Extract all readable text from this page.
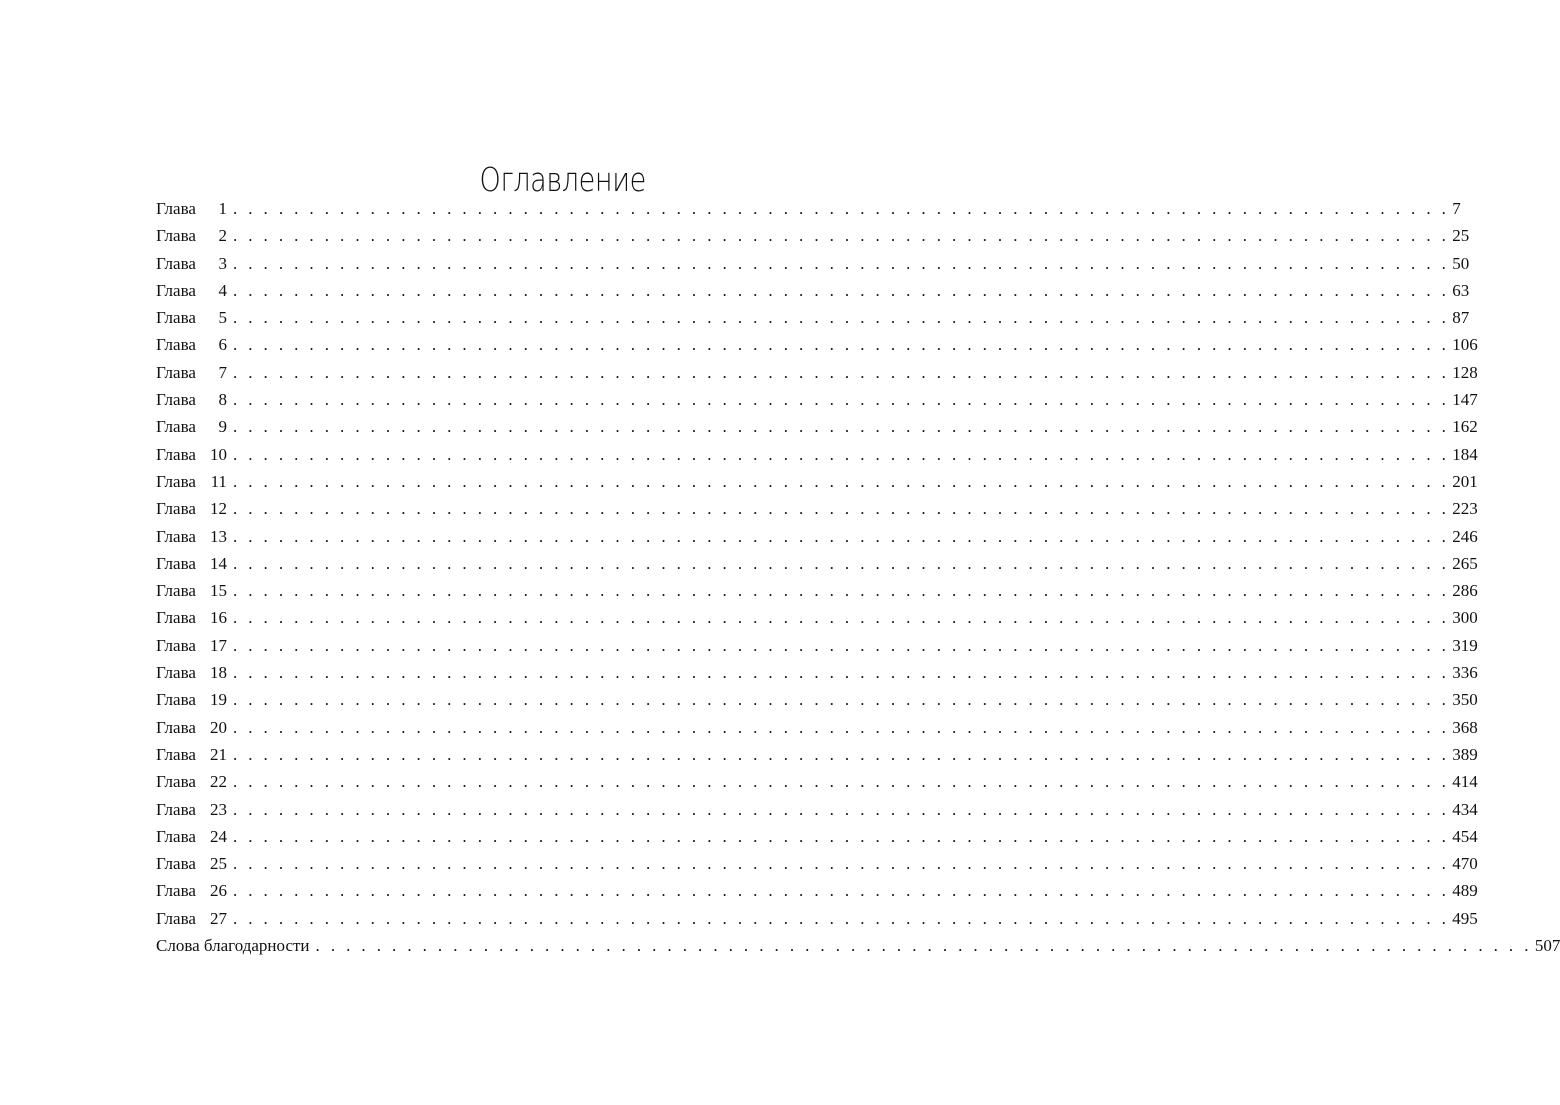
Оглавление
Глава	1 . . . . . . . . . . . . . . . . . . . . . . . . . . . . . . . . . . . . . . . . . . . . . . . . . . . . . . . . . . . . . . . . . . . . . . . . . . . . . . . . 7
Глава	2 . . . . . . . . . . . . . . . . . . . . . . . . . . . . . . . . . . . . . . . . . . . . . . . . . . . . . . . . . . . . . . . . . . . . . . . . . . . . . . . . 25
Глава	3 . . . . . . . . . . . . . . . . . . . . . . . . . . . . . . . . . . . . . . . . . . . . . . . . . . . . . . . . . . . . . . . . . . . . . . . . . . . . . . . . 50
Глава	4 . . . . . . . . . . . . . . . . . . . . . . . . . . . . . . . . . . . . . . . . . . . . . . . . . . . . . . . . . . . . . . . . . . . . . . . . . . . . . . . . 63
Глава	5 . . . . . . . . . . . . . . . . . . . . . . . . . . . . . . . . . . . . . . . . . . . . . . . . . . . . . . . . . . . . . . . . . . . . . . . . . . . . . . . . 87
Глава	6 . . . . . . . . . . . . . . . . . . . . . . . . . . . . . . . . . . . . . . . . . . . . . . . . . . . . . . . . . . . . . . . . . . . . . . . . . . . . . . . . 106
Глава	7 . . . . . . . . . . . . . . . . . . . . . . . . . . . . . . . . . . . . . . . . . . . . . . . . . . . . . . . . . . . . . . . . . . . . . . . . . . . . . . . . 128
Глава	8 . . . . . . . . . . . . . . . . . . . . . . . . . . . . . . . . . . . . . . . . . . . . . . . . . . . . . . . . . . . . . . . . . . . . . . . . . . . . . . . . 147
Глава	9 . . . . . . . . . . . . . . . . . . . . . . . . . . . . . . . . . . . . . . . . . . . . . . . . . . . . . . . . . . . . . . . . . . . . . . . . . . . . . . . . 162
Глава 10 . . . . . . . . . . . . . . . . . . . . . . . . . . . . . . . . . . . . . . . . . . . . . . . . . . . . . . . . . . . . . . . . . . . . . . . . . . . . . . . . 184
Глава 11 . . . . . . . . . . . . . . . . . . . . . . . . . . . . . . . . . . . . . . . . . . . . . . . . . . . . . . . . . . . . . . . . . . . . . . . . . . . . . . . . 201
Глава 12 . . . . . . . . . . . . . . . . . . . . . . . . . . . . . . . . . . . . . . . . . . . . . . . . . . . . . . . . . . . . . . . . . . . . . . . . . . . . . . . . 223
Глава 13 . . . . . . . . . . . . . . . . . . . . . . . . . . . . . . . . . . . . . . . . . . . . . . . . . . . . . . . . . . . . . . . . . . . . . . . . . . . . . . . . 246
Глава 14 . . . . . . . . . . . . . . . . . . . . . . . . . . . . . . . . . . . . . . . . . . . . . . . . . . . . . . . . . . . . . . . . . . . . . . . . . . . . . . . . 265
Глава 15 . . . . . . . . . . . . . . . . . . . . . . . . . . . . . . . . . . . . . . . . . . . . . . . . . . . . . . . . . . . . . . . . . . . . . . . . . . . . . . . . 286
Глава 16 . . . . . . . . . . . . . . . . . . . . . . . . . . . . . . . . . . . . . . . . . . . . . . . . . . . . . . . . . . . . . . . . . . . . . . . . . . . . . . . . 300
Глава 17 . . . . . . . . . . . . . . . . . . . . . . . . . . . . . . . . . . . . . . . . . . . . . . . . . . . . . . . . . . . . . . . . . . . . . . . . . . . . . . . . 319
Глава 18 . . . . . . . . . . . . . . . . . . . . . . . . . . . . . . . . . . . . . . . . . . . . . . . . . . . . . . . . . . . . . . . . . . . . . . . . . . . . . . . . 336
Глава 19 . . . . . . . . . . . . . . . . . . . . . . . . . . . . . . . . . . . . . . . . . . . . . . . . . . . . . . . . . . . . . . . . . . . . . . . . . . . . . . . . 350
Глава 20 . . . . . . . . . . . . . . . . . . . . . . . . . . . . . . . . . . . . . . . . . . . . . . . . . . . . . . . . . . . . . . . . . . . . . . . . . . . . . . . . 368
Глава 21 . . . . . . . . . . . . . . . . . . . . . . . . . . . . . . . . . . . . . . . . . . . . . . . . . . . . . . . . . . . . . . . . . . . . . . . . . . . . . . . . 389
Глава 22 . . . . . . . . . . . . . . . . . . . . . . . . . . . . . . . . . . . . . . . . . . . . . . . . . . . . . . . . . . . . . . . . . . . . . . . . . . . . . . . . 414
Глава 23 . . . . . . . . . . . . . . . . . . . . . . . . . . . . . . . . . . . . . . . . . . . . . . . . . . . . . . . . . . . . . . . . . . . . . . . . . . . . . . . . 434
Глава 24 . . . . . . . . . . . . . . . . . . . . . . . . . . . . . . . . . . . . . . . . . . . . . . . . . . . . . . . . . . . . . . . . . . . . . . . . . . . . . . . . 454
Глава 25 . . . . . . . . . . . . . . . . . . . . . . . . . . . . . . . . . . . . . . . . . . . . . . . . . . . . . . . . . . . . . . . . . . . . . . . . . . . . . . . . 470
Глава 26 . . . . . . . . . . . . . . . . . . . . . . . . . . . . . . . . . . . . . . . . . . . . . . . . . . . . . . . . . . . . . . . . . . . . . . . . . . . . . . . . 489
Глава 27 . . . . . . . . . . . . . . . . . . . . . . . . . . . . . . . . . . . . . . . . . . . . . . . . . . . . . . . . . . . . . . . . . . . . . . . . . . . . . . . . 495
Слова благодарности . . . . . . . . . . . . . . . . . . . . . . . . . . . . . . . . . . . . . . . . . . . . . . . . . . . . . . . . . . . . . . . . . . . . . . . . . . . . . . . . 507
